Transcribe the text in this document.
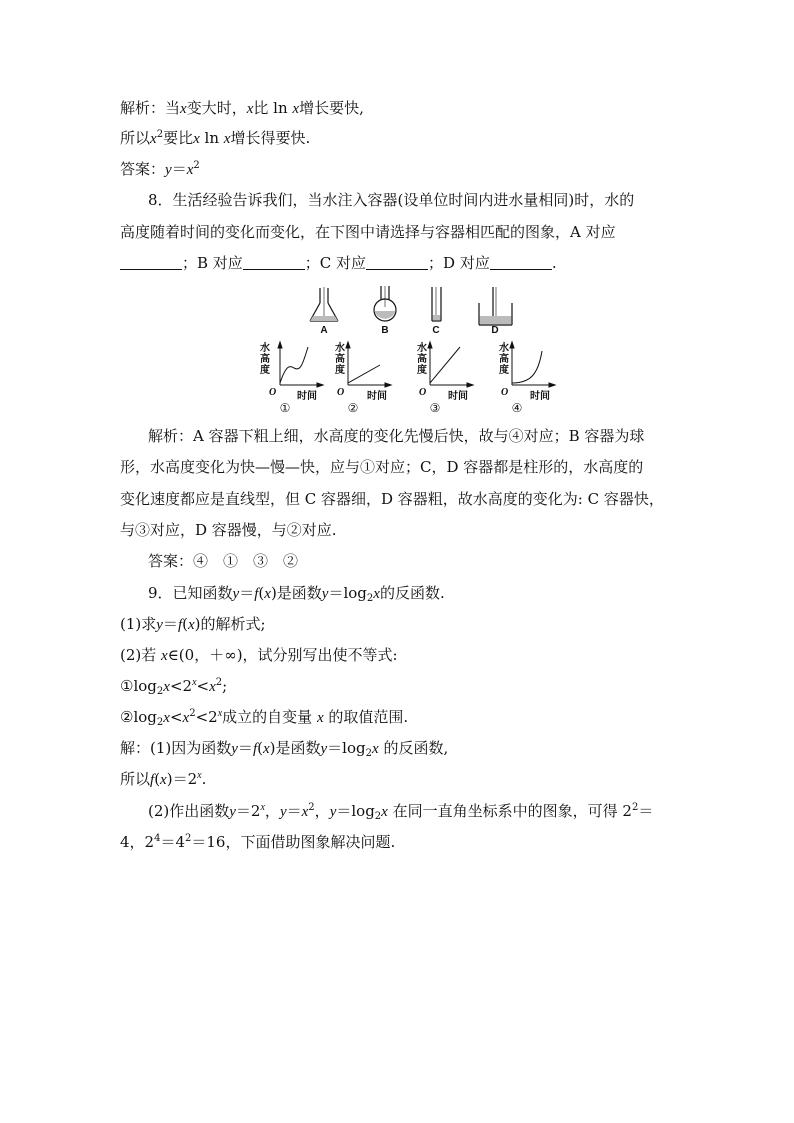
解析：当x变大时，x比 ln x增长要快,
所以$x^2$要比x ln x增长得要快.
答案：$y=x^2$
8．生活经验告诉我们，当水注入容器(设单位时间内进水量相同)时，水的
高度随着时间的变化而变化，在下图中请选择与容器相匹配的图象，A 对应
；B 对应	；C 对应	；D 对应	.
A	B	C	D
水高度
O 时间
①
水高度
O 时间
②
水高度
O 时间
③
水高度
O 时间
④
解析：A 容器下粗上细，水高度的变化先慢后快，故与④对应；B 容器为球
形，水高度变化为快—慢—快，应与①对应；C，D 容器都是柱形的，水高度的
变化速度都应是直线型，但 C 容器细，D 容器粗，故水高度的变化为: C 容器快，
与③对应，D 容器慢，与②对应.
答案：④　①　③　②
9．已知函数y＝f(x)是函数$y=\log_2x$的反函数.
(1)求y＝f(x)的解析式;
(2)若 x∈(0，＋∞)，试分别写出使不等式:
$①\log_2x<2^x<x^2$;
$②\log_2x<x^2<2^x$成立的自变量 x 的取值范围.
解：(1)因为函数y＝f(x)是函数$y=\log_2x$ 的反函数,
所以$f(x)=2^x$.
(2)作出函数$y=2^x$，$y=x^2$，$y=\log_2x$ 在同一直角坐标系中的图象，可得 $2^2=$
4，$2^4=4^2=16$，下面借助图象解决问题.
